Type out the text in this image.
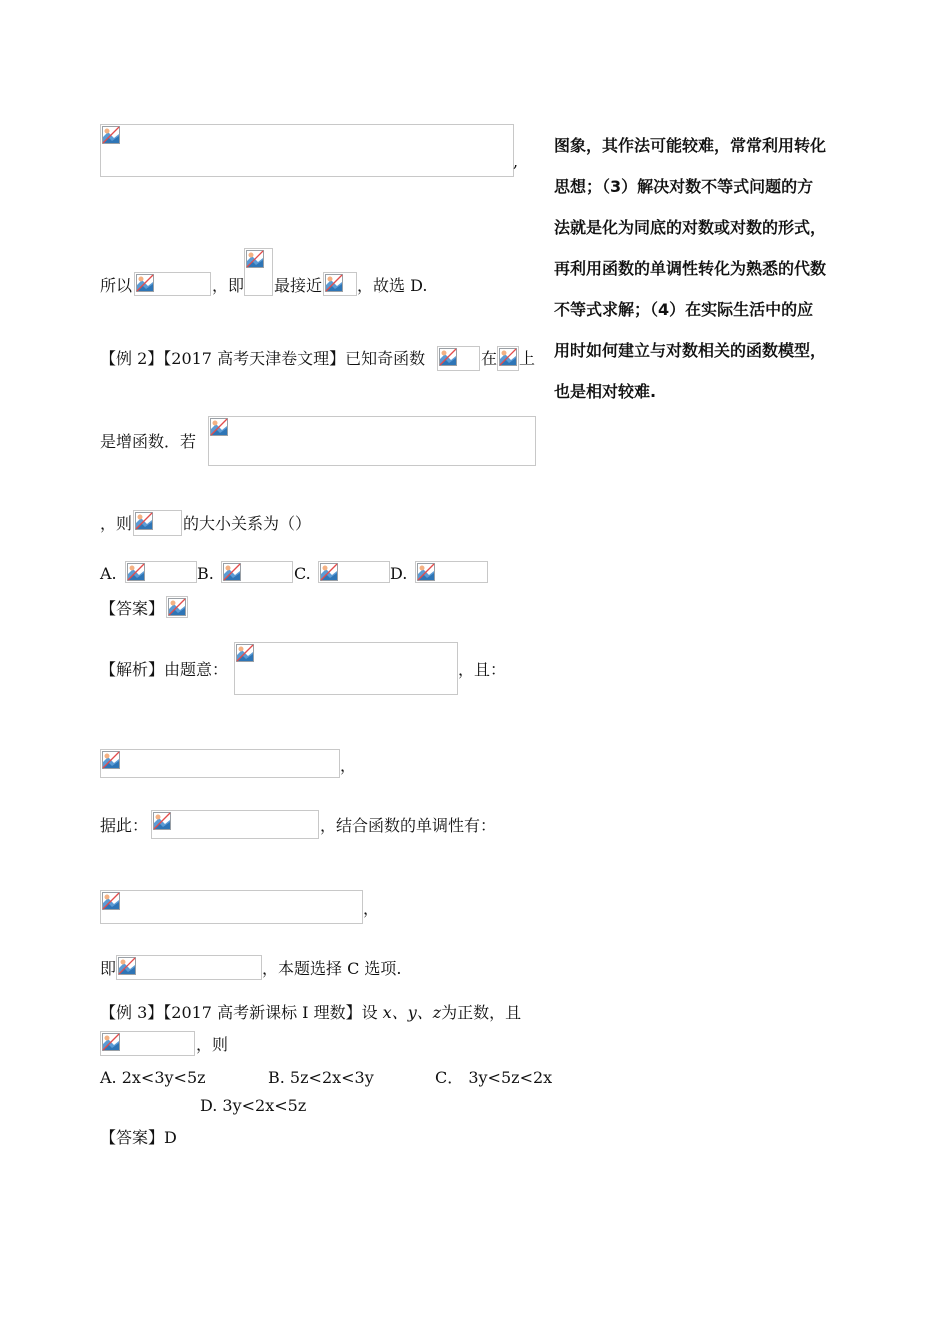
图象，其作法可能较难，常常利用转化
思想；（3）解决对数不等式问题的方
法就是化为同底的对数或对数的形式，
再利用函数的单调性转化为熟悉的代数
不等式求解；（4）在实际生活中的应
用时如何建立与对数相关的函数模型，
也是相对较难.
,
所以	，即 最接近 ，故选 D.
【例 2】【2017 高考天津卷文理】已知奇函数	在 上
是增函数．若
，则	的大小关系为（）
A.	B.	C.	D.
【答案】
【解析】由题意：	，且：
，
据此：	，结合函数的单调性有：
，
即	，本题选择 C 选项.
【例 3】【2017 高考新课标 I 理数】设 x、y、z为正数，且
，则
A. 2x<3y<5z	B. 5z<2x<3y	C． 3y<5z<2x
D. 3y<2x<5z
【答案】D
